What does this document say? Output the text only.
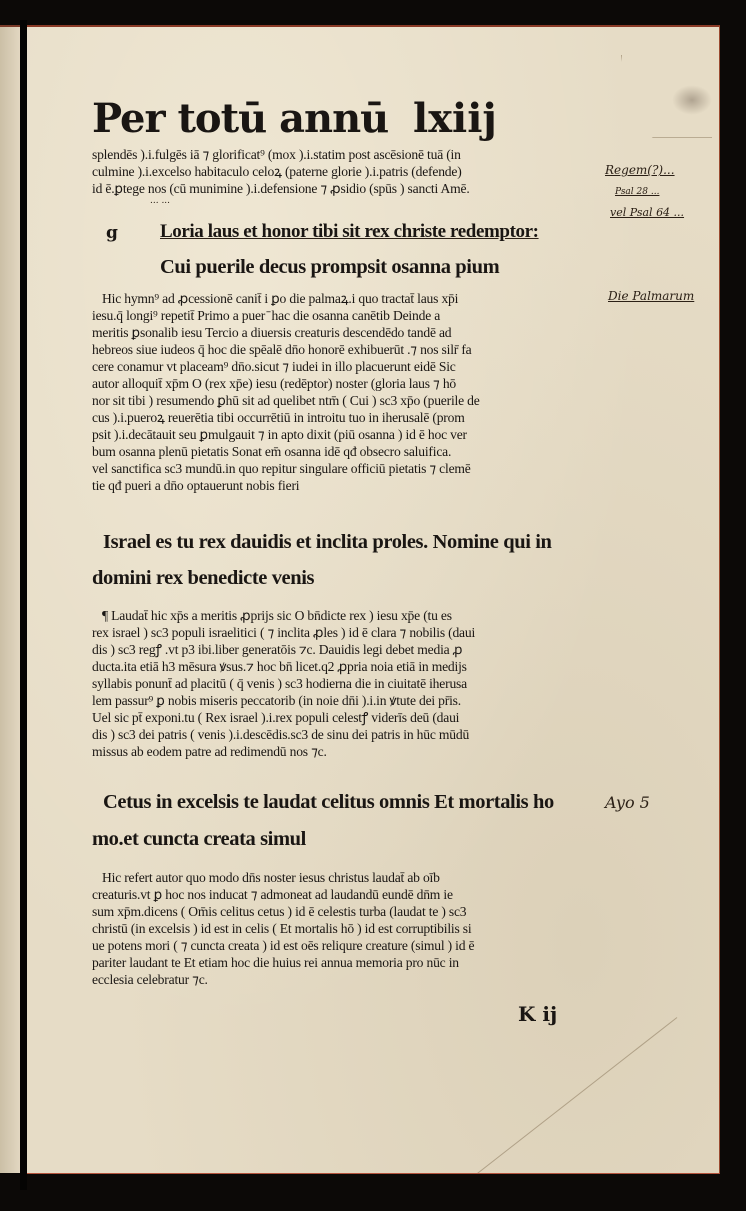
Per totū annū lxiij
splendēs ).i.fulgēs iā ⁊ glorificat⁹ (mox ).i.statim post ascēsionē tuā (in
culmine ).i.excelso habitaculo celoꝝ (paterne glorie ).i.patris (defende)
id ē.ꝑtege nos (cū munimine ).i.defensione ⁊ ꝓsidio (spūs ) sancti Amē.
... ...
Regem(?)...
Psal 28 ...
vel Psal 64 ...
g Loria laus et honor tibi sit rex christe redemptor:
Cui puerile decus prompsit osanna pium
Hic hymn⁹ ad ꝓcessionē canit̄ i ꝑo die palmaꝝ.i quo tractat̄ laus xp̄i	Die Palmarum
iesu.q̄ longi⁹ repetit̄ Primo a puer ̄ hac die osanna canētib Deinde a
meritis ꝑsonalib iesu Tercio a diuersis creaturis descendēdo tandē ad
hebreos siue iudeos q̄ hoc die spēalē dn̄o honorē exhibuerūt .⁊ nos silr̄ fa
cere conamur vt placeam⁹ dn̄o.sicut ⁊ iudei in illo placuerunt eidē Sic
autor alloquit̄ xp̄m O (rex xp̄e) iesu (redēptor) noster (gloria laus ⁊ hō
nor sit tibi ) resumendo ꝑhū sit ad quelibet ntm̄ ( Cui ) sc3 xp̄o (puerile de
cus ).i.pueroꝝ reuerētia tibi occurrētiū in introitu tuo in iherusalē (prom
psit ).i.decātauit seu ꝑmulgauit ⁊ in apto dixit (piū osanna ) id ē hoc ver
bum osanna plenū pietatis Sonat em̄ osanna idē qđ obsecro saluifica.
vel sanctifica sc3 mundū.in quo repitur singulare officiū pietatis ⁊ clemē
tie qđ pueri a dn̄o optauerunt nobis fieri
Israel es tu rex dauidis et inclita proles. Nomine qui in
domini rex benedicte venis
¶ Laudat̄ hic xp̄s a meritis ꝓprijs sic O bn̄dicte rex ) iesu xp̄e (tu es
rex israel ) sc3 populi israelitici ( ⁊ inclita ꝓles ) id ē clara ⁊ nobilis (daui
dis ) sc3 regꝭ .vt p3 ibi.liber generatōis ⁊c. Dauidis legi debet media ꝓ
ducta.ita etiā h3 mēsura ꝟsus.⁊ hoc bn̄ licet.q2 ꝓpria noia etiā in medijs
syllabis ponunt̄ ad placitū ( q̄ venis ) sc3 hodierna die in ciuitatē iherusa
lem passur⁹ ꝑ nobis miseris peccatorib (in noie dn̄i ).i.in ꝟtute dei pr̄is.
Uel sic pt̄ exponi.tu ( Rex israel ).i.rex populi celestꝭ viderīs deū (daui
dis ) sc3 dei patris ( venis ).i.descēdis.sc3 de sinu dei patris in hūc mūdū
missus ab eodem patre ad redimendū nos ⁊c.
Cetus in excelsis te laudat celitus omnis Et mortalis ho	Ayo 5
mo.et cuncta creata simul
Hic refert autor quo modo dn̄s noster iesus christus laudat̄ ab oīb
creaturis.vt ꝑ hoc nos inducat ⁊ admoneat ad laudandū eundē dn̄m ie
sum xp̄m.dicens ( Om̄is celitus cetus ) id ē celestis turba (laudat te ) sc3
christū (in excelsis ) id est in celis ( Et mortalis hō ) id est corruptibilis si
ue potens mori ( ⁊ cuncta creata ) id est oēs reliqure creature (simul ) id ē
pariter laudant te Et etiam hoc die huius rei annua memoria pro nūc in
ecclesia celebratur ⁊c.
K ij
